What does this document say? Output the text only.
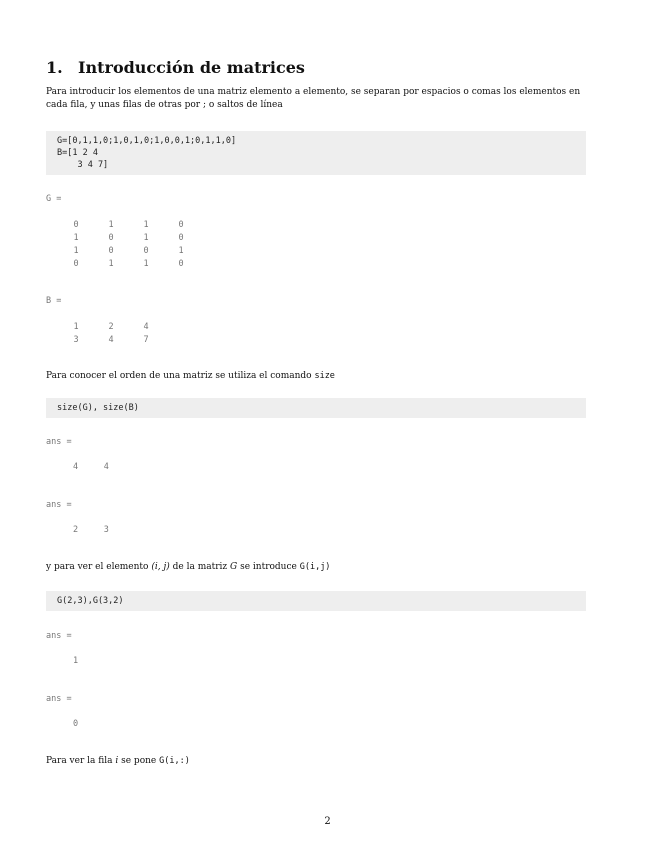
1. Introducción de matrices
Para introducir los elementos de una matriz elemento a elemento, se separan por espacios o comas los elementos en cada fila, y unas filas de otras por ; o saltos de línea
G=[0,1,1,0;1,0,1,0;1,0,0,1;0,1,1,0]
B=[1 2 4
3 4 7]
G =
0	1	1	0
1	0	1	0
1	0	0	1
0	1	1	0
B =
1	2	4
3	4	7
Para conocer el orden de una matriz se utiliza el comando size
size(G), size(B)
ans =
4     4
ans =
2     3
y para ver el elemento (i, j) de la matriz G se introduce G(i,j)
G(2,3),G(3,2)
ans =
1
ans =
0
Para ver la fila i se pone G(i,:)
2
